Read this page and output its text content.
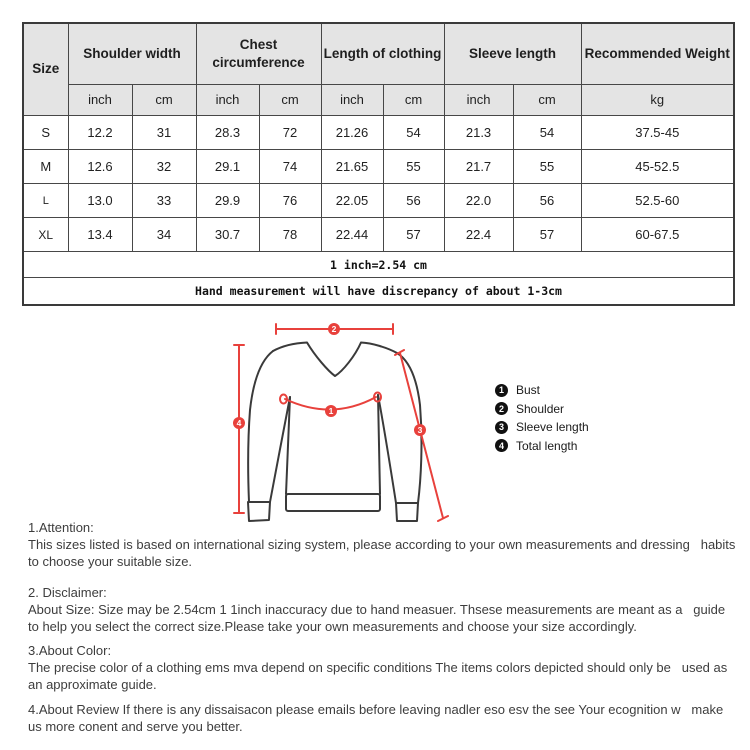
Size	Shoulder width		Chest circumference		Length of clothing		Sleeve length		Recommended Weight
	inch	cm	inch	cm	inch	cm	inch	cm	kg
S	12.2	31	28.3	72	21.26	54	21.3	54	37.5-45
M	12.6	32	29.1	74	21.65	55	21.7	55	45-52.5
L	13.0	33	29.9	76	22.05	56	22.0	56	52.5-60
XL	13.4	34	30.7	78	22.44	57	22.4	57	60-67.5
1 inch=2.54 cm									
Hand measurement will have discrepancy of about 1-3cm									
1
2
3
4
1	Bust
2	Shoulder
3	Sleeve length
4	Total length
1.Attention:
This sizes listed is based on international sizing system, please according to your own measurements and dressing   habits to choose your suitable size.
2. Disclaimer:
About Size: Size may be 2.54cm 1 1inch inaccuracy due to hand measuer. Thsese measurements are meant as a   guide to help you select the correct size.Please take your own measurements and choose your size accordingly.
3.About Color:
The precise color of a clothing ems mva depend on specific conditions The items colors depicted should only be   used as an approximate guide.
4.About Review If there is any dissaisacon please emails before leaving nadler eso esv the see Your ecognition w   make us more conent and serve you better.
